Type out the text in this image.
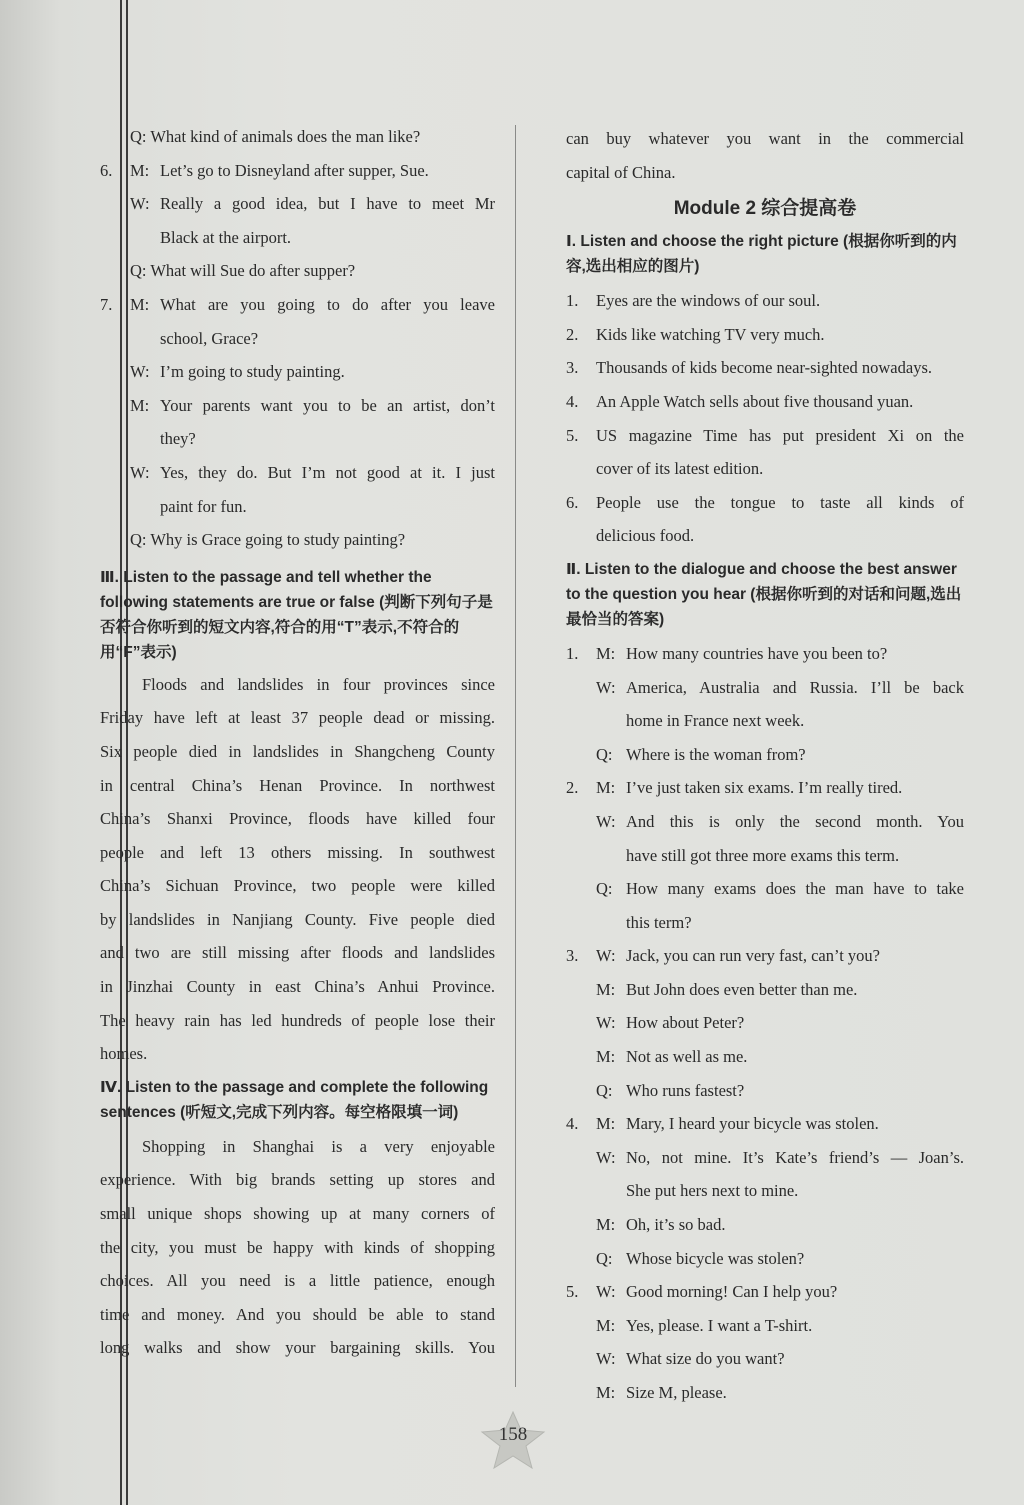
Q: What kind of animals does the man like?
6. M: Let’s go to Disneyland after supper, Sue.
W: Really a good idea, but I have to meet Mr
Black at the airport.
Q: What will Sue do after supper?
7.	M: What are you going to do after you leave
school, Grace?
W: I’m going to study painting.
M: Your parents want you to be an artist, don’t
they?
W: Yes, they do. But I’m not good at it. I just
paint for fun.
Q: Why is Grace going to study painting?
Ⅲ. Listen to the passage and tell whether the following statements are true or false (判断下列句子是否符合你听到的短文内容,符合的用“T”表示,不符合的用“F”表示)
Floods and landslides in four provinces since
Friday have left at least 37 people dead or missing.
Six people died in landslides in Shangcheng County
in central China’s Henan Province. In northwest
China’s Shanxi Province, floods have killed four
people and left 13 others missing. In southwest
China’s Sichuan Province, two people were killed
by landslides in Nanjiang County. Five people died
and two are still missing after floods and landslides
in Jinzhai County in east China’s Anhui Province.
The heavy rain has led hundreds of people lose their
homes.
Ⅳ. Listen to the passage and complete the following sentences (听短文,完成下列内容。每空格限填一词)
Shopping in Shanghai is a very enjoyable
experience. With big brands setting up stores and
small unique shops showing up at many corners of
the city, you must be happy with kinds of shopping
choices. All you need is a little patience, enough
time and money. And you should be able to stand
long walks and show your bargaining skills. You
can buy whatever you want in the commercial
capital of China.
Module 2 综合提高卷
Ⅰ. Listen and choose the right picture (根据你听到的内容,选出相应的图片)
1.	Eyes are the windows of our soul.
2.	Kids like watching TV very much.
3.	Thousands of kids become near-sighted nowadays.
4.	An Apple Watch sells about five thousand yuan.
5.	US magazine Time has put president Xi on the
cover of its latest edition.
6.	People use the tongue to taste all kinds of
delicious food.
Ⅱ. Listen to the dialogue and choose the best answer to the question you hear (根据你听到的对话和问题,选出最恰当的答案)
1.	M: How many countries have you been to?
W: America, Australia and Russia. I’ll be back
home in France next week.
Q: Where is the woman from?
2.	M: I’ve just taken six exams. I’m really tired.
W: And this is only the second month. You
have still got three more exams this term.
Q: How many exams does the man have to take
this term?
3.	W: Jack, you can run very fast, can’t you?
M: But John does even better than me.
W: How about Peter?
M: Not as well as me.
Q: Who runs fastest?
4.	M: Mary, I heard your bicycle was stolen.
W: No, not mine. It’s Kate’s friend’s — Joan’s.
She put hers next to mine.
M: Oh, it’s so bad.
Q: Whose bicycle was stolen?
5.	W: Good morning! Can I help you?
M: Yes, please. I want a T-shirt.
W: What size do you want?
M: Size M, please.
158
